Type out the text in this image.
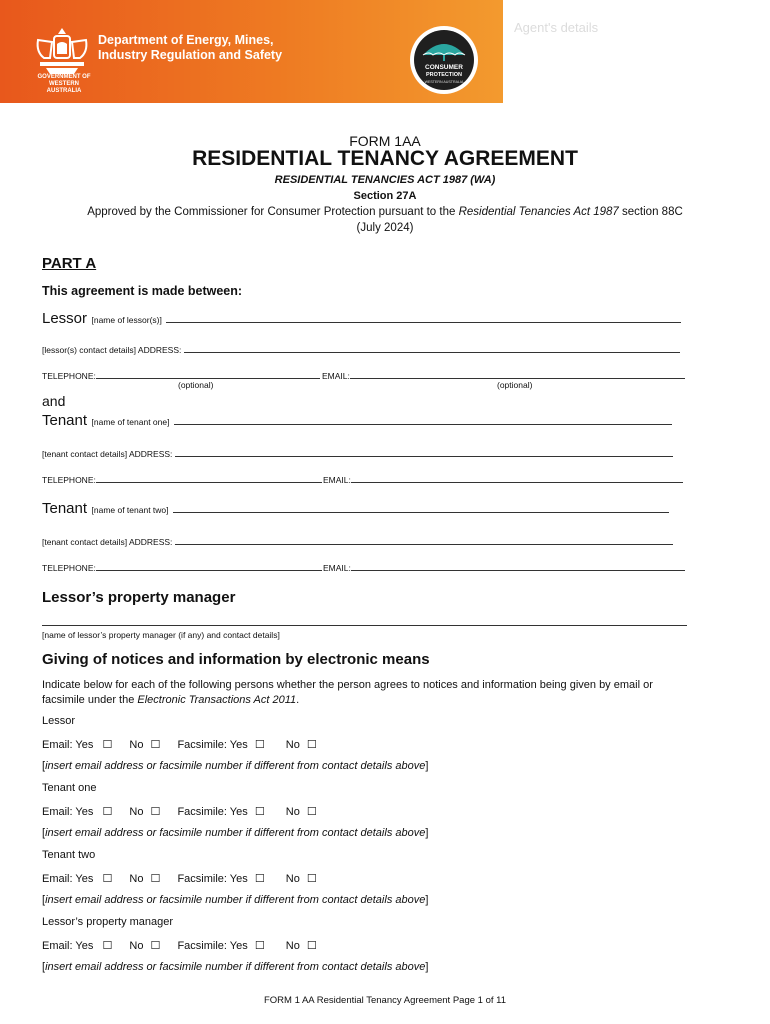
GOVERNMENT OF
WESTERN AUSTRALIA
Department of Energy, Mines,
Industry Regulation and Safety
CONSUMER
PROTECTION
WESTERN AUSTRALIA
Agent's details
FORM 1AA
RESIDENTIAL TENANCY AGREEMENT
RESIDENTIAL TENANCIES ACT 1987 (WA)
Section 27A
Approved by the Commissioner for Consumer Protection pursuant to the Residential Tenancies Act 1987 section 88C
(July 2024)
PART A
This agreement is made between:
Lessor [name of lessor(s)]
[lessor(s) contact details] ADDRESS:
TELEPHONE:	EMAIL:
(optional)	(optional)
and
Tenant [name of tenant one]
[tenant contact details] ADDRESS:
TELEPHONE:	EMAIL:
Tenant [name of tenant two]
[tenant contact details] ADDRESS:
TELEPHONE:	EMAIL:
Lessor’s property manager
[name of lessor’s property manager (if any) and contact details]
Giving of notices and information by electronic means
Indicate below for each of the following persons whether the person agrees to notices and information being given by email or
facsimile under the Electronic Transactions Act 2011.
Lessor
Email: Yes ☐ No ☐ Facsimile: Yes ☐ No ☐
[insert email address or facsimile number if different from contact details above]
Tenant one
Email: Yes ☐ No ☐ Facsimile: Yes ☐ No ☐
[insert email address or facsimile number if different from contact details above]
Tenant two
Email: Yes ☐ No ☐ Facsimile: Yes ☐ No ☐
[insert email address or facsimile number if different from contact details above]
Lessor’s property manager
Email: Yes ☐ No ☐ Facsimile: Yes ☐ No ☐
[insert email address or facsimile number if different from contact details above]
FORM 1 AA Residential Tenancy Agreement Page 1 of 11
